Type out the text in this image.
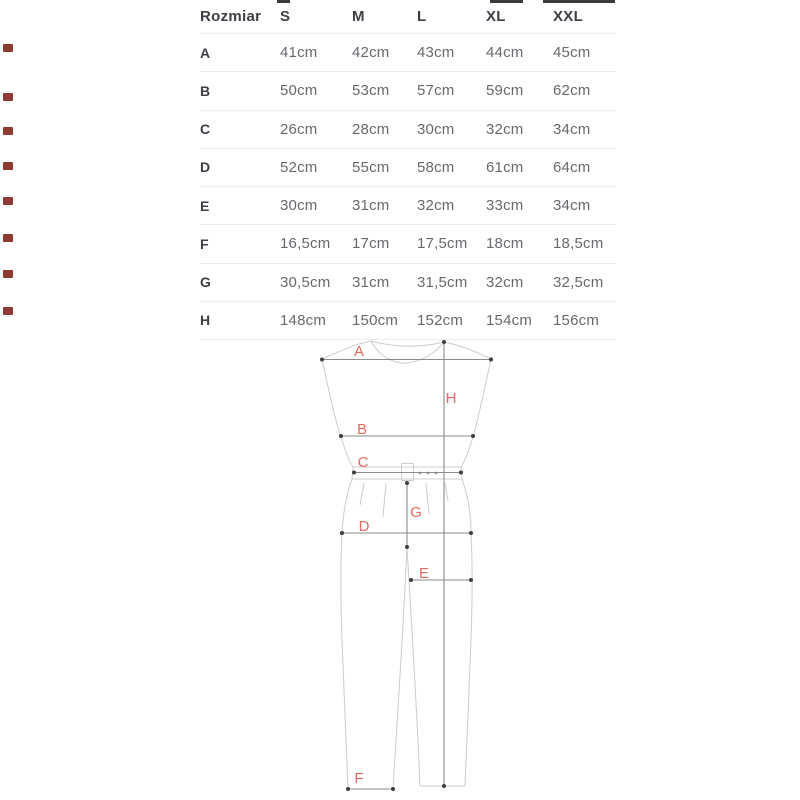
Rozmiar	S	M	L	XL	XXL
A	41cm	42cm	43cm	44cm	45cm
B	50cm	53cm	57cm	59cm	62cm
C	26cm	28cm	30cm	32cm	34cm
D	52cm	55cm	58cm	61cm	64cm
E	30cm	31cm	32cm	33cm	34cm
F	16,5cm	17cm	17,5cm	18cm	18,5cm
G	30,5cm	31cm	31,5cm	32cm	32,5cm
H	148cm	150cm	152cm	154cm	156cm
A
B
C
D
E
F
G
H
